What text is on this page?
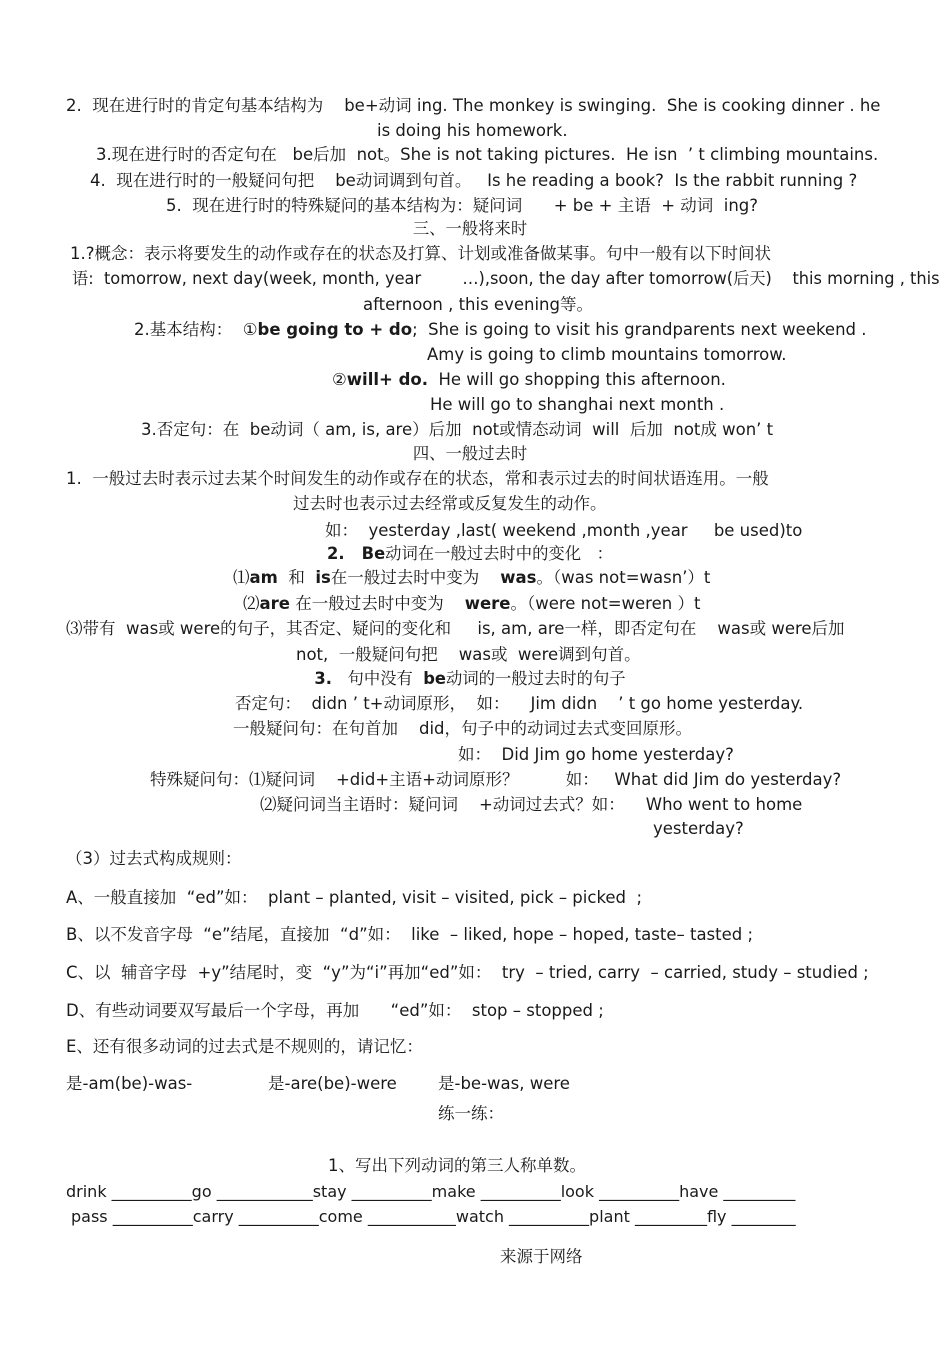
2.  现在进行时的肯定句基本结构为    be+动词 ing. The monkey is swinging.  She is cooking dinner . he
is doing his homework.
3.现在进行时的否定句在   be后加  not。She is not taking pictures.  He isn  ’ t climbing mountains.
4.  现在进行时的一般疑问句把    be动词调到句首。   Is he reading a book?  Is the rabbit running ?
5.  现在进行时的特殊疑问的基本结构为：疑问词      + be + 主语  + 动词  ing?
三、一般将来时
1.?概念：表示将要发生的动作或存在的状态及打算、计划或准备做某事。句中一般有以下时间状
语:  tomorrow, next day(week, month, year        …),soon, the day after tomorrow(后天)    this morning , this
afternoon , this evening等。
2.基本结构：  ①be going to + do;  She is going to visit his grandparents next weekend .
Amy is going to climb mountains tomorrow.
②will+ do.  He will go shopping this afternoon.
He will go to shanghai next month .
3.否定句：在  be动词（ am, is, are）后加  not或情态动词  will  后加  not成 won’ t
四、一般过去时
1.  一般过去时表示过去某个时间发生的动作或存在的状态，常和表示过去的时间状语连用。一般
过去时也表示过去经常或反复发生的动作。
如：  yesterday ,last( weekend ,month ,year     be used)to
2.   Be动词在一般过去时中的变化   ：
⑴am  和  is在一般过去时中变为    was。（was not=wasn’）t
⑵are 在一般过去时中变为    were。（were not=weren ）t
⑶带有  was或 were的句子，其否定、疑问的变化和     is, am, are一样，即否定句在    was或 were后加
not,  一般疑问句把    was或  were调到句首。
3.   句中没有  be动词的一般过去时的句子
否定句：  didn ’ t+动词原形，  如：    Jim didn    ’ t go home yesterday.
一般疑问句：在句首加    did，句子中的动词过去式变回原形。
如：  Did Jim go home yesterday?
特殊疑问句：⑴疑问词    +did+主语+动词原形？         如：   What did Jim do yesterday?
⑵疑问词当主语时：疑问词    +动词过去式？如：    Who went to home
yesterday?
（3）过去式构成规则：
A、一般直接加  “ed”如：  plant – planted, visit – visited, pick – picked  ;
B、以不发音字母  “e”结尾，直接加  “d”如：  like  – liked, hope – hoped, taste– tasted ;
C、以  辅音字母  +y”结尾时，变  “y”为“i”再加“ed”如：  try  – tried, carry  – carried, study – studied ;
D、有些动词要双写最后一个字母，再加      “ed”如：  stop – stopped ;
E、还有很多动词的过去式是不规则的，请记忆：
是-am(be)-was-	是-are(be)-were 是-be-was, were
练一练：
1、写出下列动词的第三人称单数。
drink __________go ____________stay __________make __________look __________have _________
pass __________carry __________come ___________watch __________plant _________fly ________
来源于网络
